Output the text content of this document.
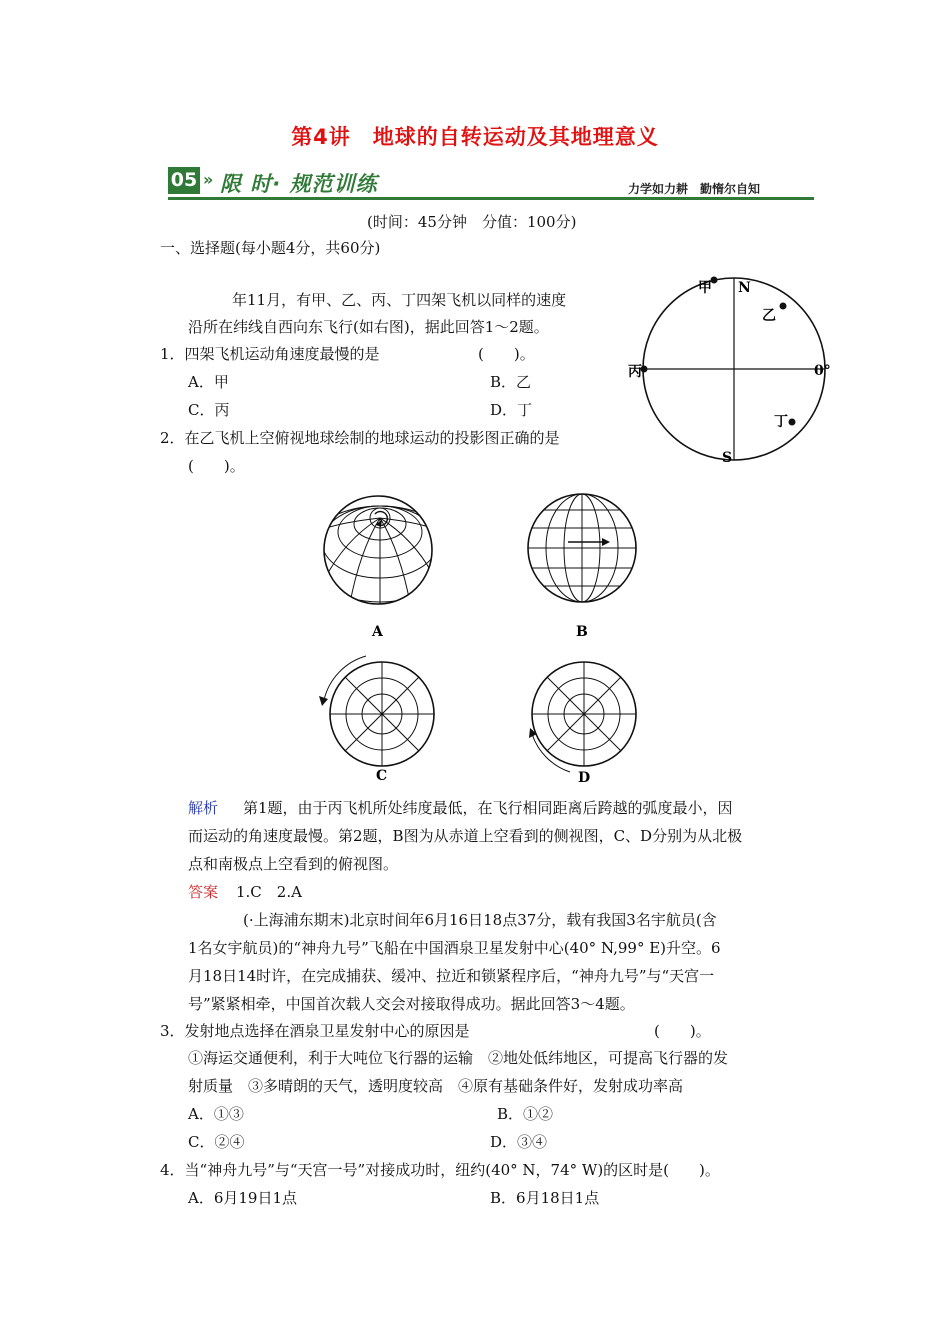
第4讲　地球的自转运动及其地理意义
05 » 限 时· 规范训练	力学如力耕　勤惰尔自知
(时间：45分钟　分值：100分)
一、选择题(每小题4分，共60分)
年11月，有甲、乙、丙、丁四架飞机以同样的速度
沿所在纬线自西向东飞行(如右图)，据此回答1～2题。
甲 N
乙
丙	0°
丁
S
1．四架飞机运动角速度最慢的是	(　　)。
A．甲	B．乙
C．丙	D．丁
2．在乙飞机上空俯视地球绘制的地球运动的投影图正确的是
(　　)。
A	B
C	D
解析 第1题，由于丙飞机所处纬度最低，在飞行相同距离后跨越的弧度最小，因
而运动的角速度最慢。第2题，B图为从赤道上空看到的侧视图，C、D分别为从北极
点和南极点上空看到的俯视图。
答案 1.C　2.A
(·上海浦东期末)北京时间年6月16日18点37分，载有我国3名宇航员(含
1名女宇航员)的“神舟九号”飞船在中国酒泉卫星发射中心(40° N,99° E)升空。6
月18日14时许，在完成捕获、缓冲、拉近和锁紧程序后，“神舟九号”与“天宫一
号”紧紧相牵，中国首次载人交会对接取得成功。据此回答3～4题。
3．发射地点选择在酒泉卫星发射中心的原因是	(　　)。
①海运交通便利，利于大吨位飞行器的运输　②地处低纬地区，可提高飞行器的发
射质量　③多晴朗的天气，透明度较高　④原有基础条件好，发射成功率高
A．①③	B．①②
C．②④	D．③④
4．当“神舟九号”与“天宫一号”对接成功时，纽约(40° N，74° W)的区时是(　　)。
A．6月19日1点	B．6月18日1点
